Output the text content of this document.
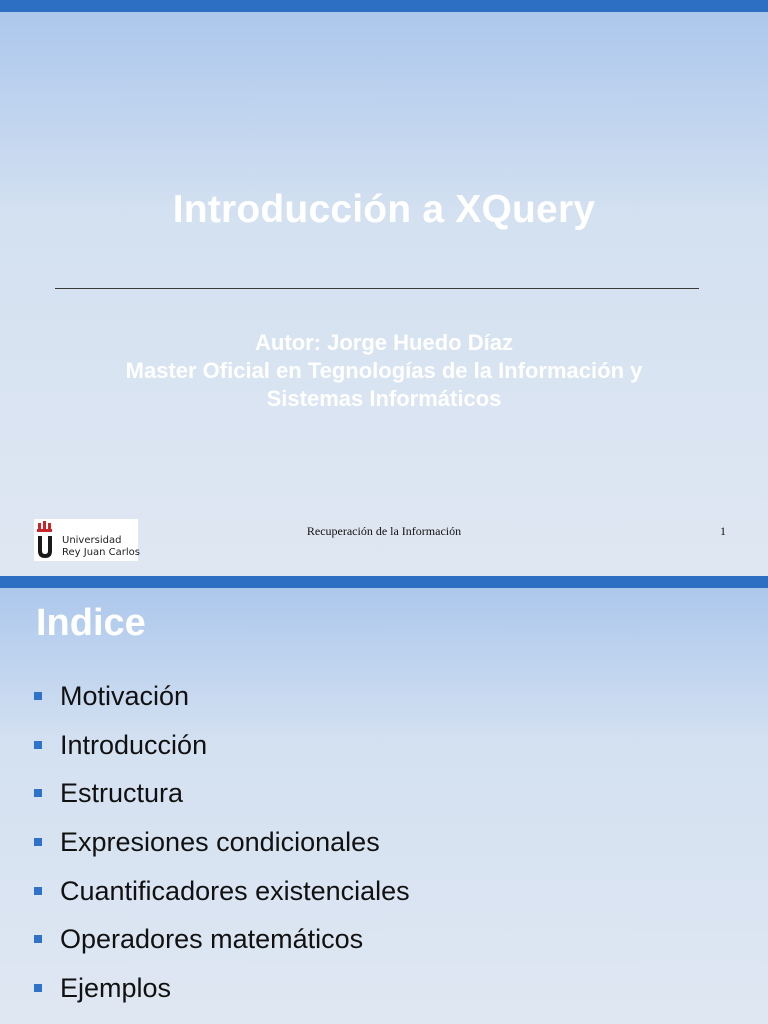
Introducción a XQuery
Autor: Jorge Huedo Díaz
Master Oficial en Tegnologías de la Información y
Sistemas Informáticos
Universidad
Rey Juan Carlos
Recuperación de la Información	1
Indice
Motivación
Introducción
Estructura
Expresiones condicionales
Cuantificadores existenciales
Operadores matemáticos
Ejemplos
